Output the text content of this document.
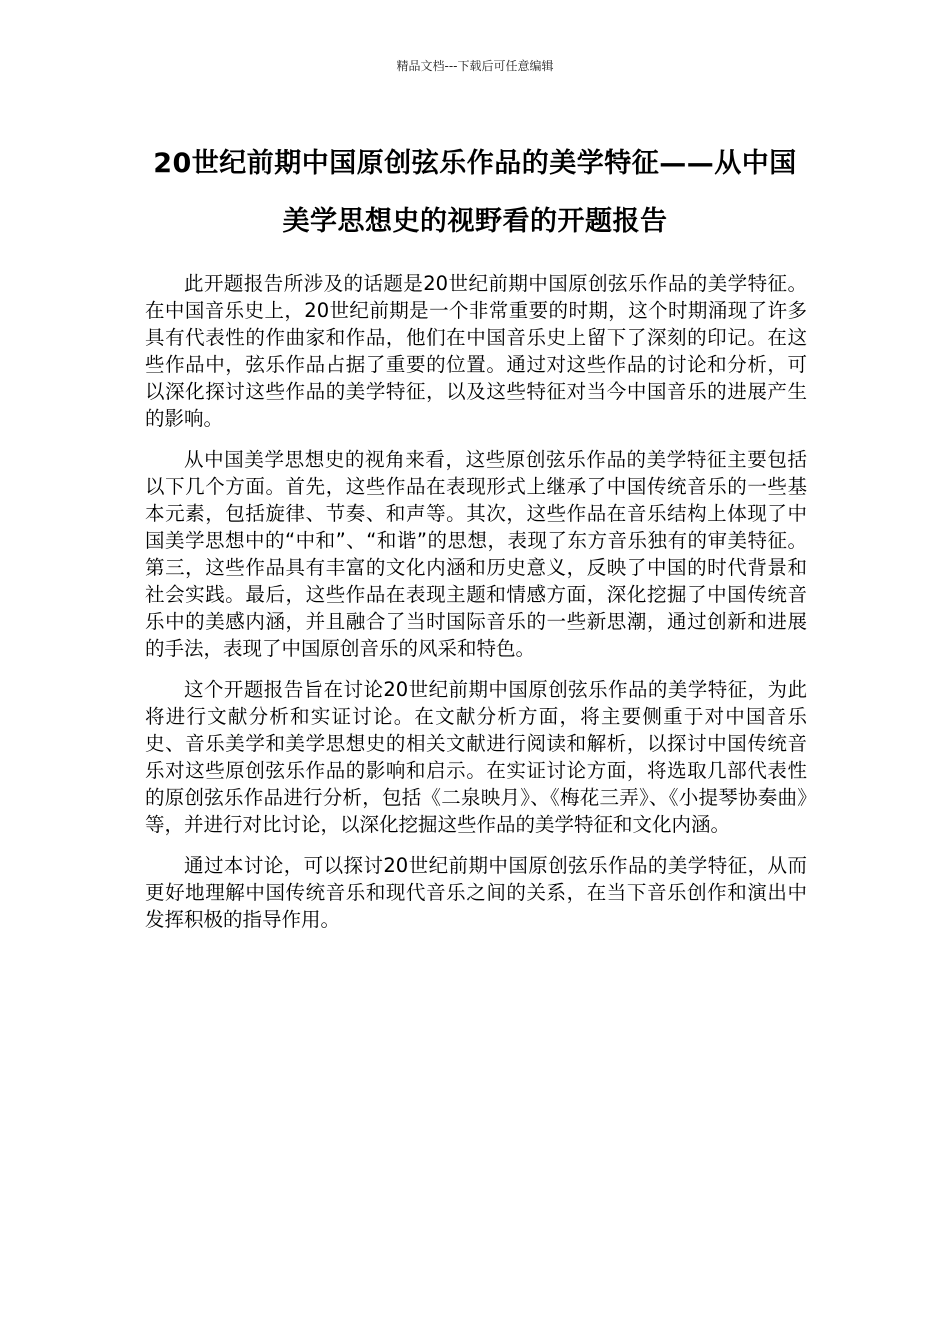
精品文档---下载后可任意编辑
20世纪前期中国原创弦乐作品的美学特征——从中国美学思想史的视野看的开题报告

此开题报告所涉及的话题是20世纪前期中国原创弦乐作品的美学特征。在中国音乐史上，20世纪前期是一个非常重要的时期，这个时期涌现了许多具有代表性的作曲家和作品，他们在中国音乐史上留下了深刻的印记。在这些作品中，弦乐作品占据了重要的位置。通过对这些作品的讨论和分析，可以深化探讨这些作品的美学特征，以及这些特征对当今中国音乐的进展产生的影响。

从中国美学思想史的视角来看，这些原创弦乐作品的美学特征主要包括以下几个方面。首先，这些作品在表现形式上继承了中国传统音乐的一些基本元素，包括旋律、节奏、和声等。其次，这些作品在音乐结构上体现了中国美学思想中的“中和”、“和谐”的思想，表现了东方音乐独有的审美特征。第三，这些作品具有丰富的文化内涵和历史意义，反映了中国的时代背景和社会实践。最后，这些作品在表现主题和情感方面，深化挖掘了中国传统音乐中的美感内涵，并且融合了当时国际音乐的一些新思潮，通过创新和进展的手法，表现了中国原创音乐的风采和特色。

这个开题报告旨在讨论20世纪前期中国原创弦乐作品的美学特征，为此将进行文献分析和实证讨论。在文献分析方面，将主要侧重于对中国音乐史、音乐美学和美学思想史的相关文献进行阅读和解析，以探讨中国传统音乐对这些原创弦乐作品的影响和启示。在实证讨论方面，将选取几部代表性的原创弦乐作品进行分析，包括《二泉映月》、《梅花三弄》、《小提琴协奏曲》等，并进行对比讨论，以深化挖掘这些作品的美学特征和文化内涵。

通过本讨论，可以探讨20世纪前期中国原创弦乐作品的美学特征，从而更好地理解中国传统音乐和现代音乐之间的关系，在当下音乐创作和演出中发挥积极的指导作用。
